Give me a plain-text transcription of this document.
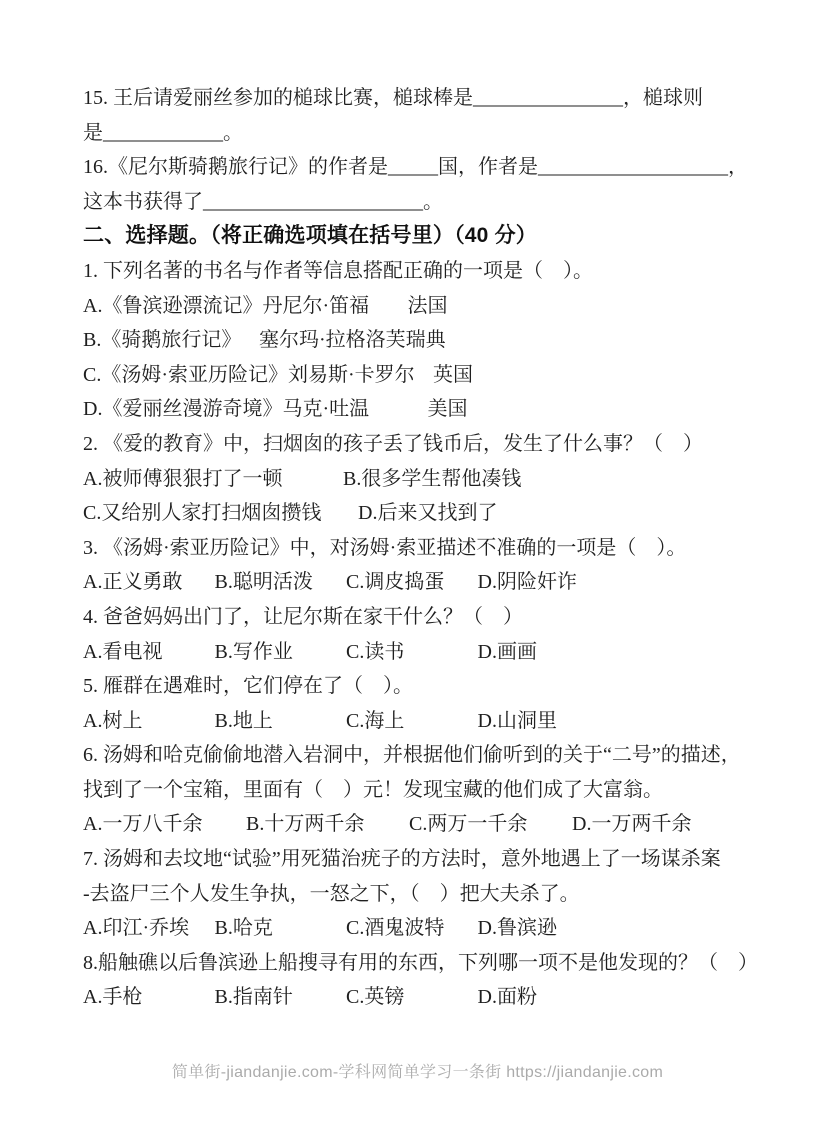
15. 王后请爱丽丝参加的槌球比赛，槌球棒是_______________，槌球则
是____________。
16.《尼尔斯骑鹅旅行记》的作者是_____国，作者是___________________，
这本书获得了______________________。
二、选择题。（将正确选项填在括号里）（40 分）
1. 下列名著的书名与作者等信息搭配正确的一项是（　）。
A.《鲁滨逊漂流记》 丹尼尔·笛福	法国
B.《骑鹅旅行记》 塞尔玛·拉格洛芙 瑞典
C.《汤姆·索亚历险记》 刘易斯·卡罗尔 英国
D.《爱丽丝漫游奇境》 马克·吐温	美国
2. 《爱的教育》中，扫烟囱的孩子丢了钱币后，发生了什么事？（　）
A.被师傅狠狠打了一顿	B.很多学生帮他凑钱
C.又给别人家打扫烟囱攒钱	D.后来又找到了
3. 《汤姆·索亚历险记》中，对汤姆·索亚描述不准确的一项是（　）。
A.正义勇敢	B.聪明活泼	C.调皮捣蛋	D.阴险奸诈
4. 爸爸妈妈出门了，让尼尔斯在家干什么？（　）
A.看电视	B.写作业	C.读书	D.画画
5. 雁群在遇难时，它们停在了（　）。
A.树上	B.地上	C.海上	D.山洞里
6. 汤姆和哈克偷偷地潜入岩洞中，并根据他们偷听到的关于“二号”的描述，
找到了一个宝箱，里面有（　）元！发现宝藏的他们成了大富翁。
A.一万八千余	B.十万两千余	C.两万一千余	D.一万两千余
7. 汤姆和去坟地“试验”用死猫治疣子的方法时，意外地遇上了一场谋杀案
-去盗尸三个人发生争执，一怒之下，（　）把大夫杀了。
A.印江·乔埃	B.哈克	C.酒鬼波特	D.鲁滨逊
8.船触礁以后鲁滨逊上船搜寻有用的东西，下列哪一项不是他发现的？（　）
A.手枪	B.指南针	C.英镑	D.面粉
简单街-jiandanjie.com-学科网简单学习一条街 https://jiandanjie.com
